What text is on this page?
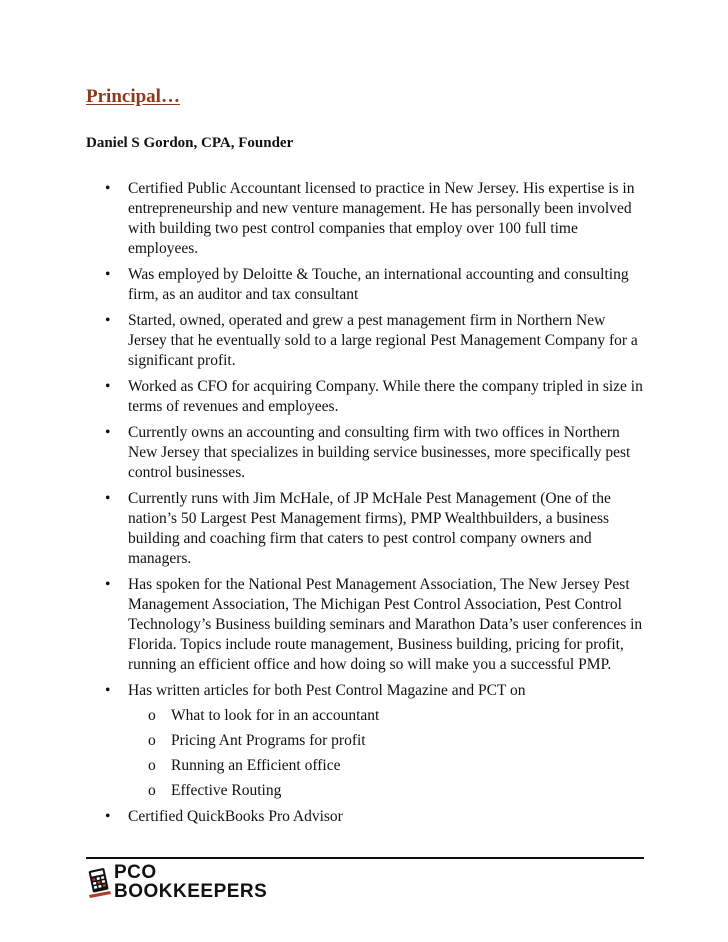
Principal…
Daniel S Gordon, CPA, Founder
• Certified Public Accountant licensed to practice in New Jersey. His expertise is in entrepreneurship and new venture management. He has personally been involved with building two pest control companies that employ over 100 full time employees.
• Was employed by Deloitte & Touche, an international accounting and consulting firm, as an auditor and tax consultant
• Started, owned, operated and grew a pest management firm in Northern New Jersey that he eventually sold to a large regional Pest Management Company for a significant profit.
• Worked as CFO for acquiring Company. While there the company tripled in size in terms of revenues and employees.
• Currently owns an accounting and consulting firm with two offices in Northern New Jersey that specializes in building service businesses, more specifically pest control businesses.
• Currently runs with Jim McHale, of JP McHale Pest Management (One of the nation’s 50 Largest Pest Management firms), PMP Wealthbuilders, a business building and coaching firm that caters to pest control company owners and managers.
• Has spoken for the National Pest Management Association, The New Jersey Pest Management Association, The Michigan Pest Control Association, Pest Control Technology’s Business building seminars and Marathon Data’s user conferences in Florida. Topics include route management, Business building, pricing for profit, running an efficient office and how doing so will make you a successful PMP.
• Has written articles for both Pest Control Magazine and PCT on
o What to look for in an accountant
o Pricing Ant Programs for profit
o Running an Efficient office
o Effective Routing
• Certified QuickBooks Pro Advisor
PCO
BOOKKEEPERS
